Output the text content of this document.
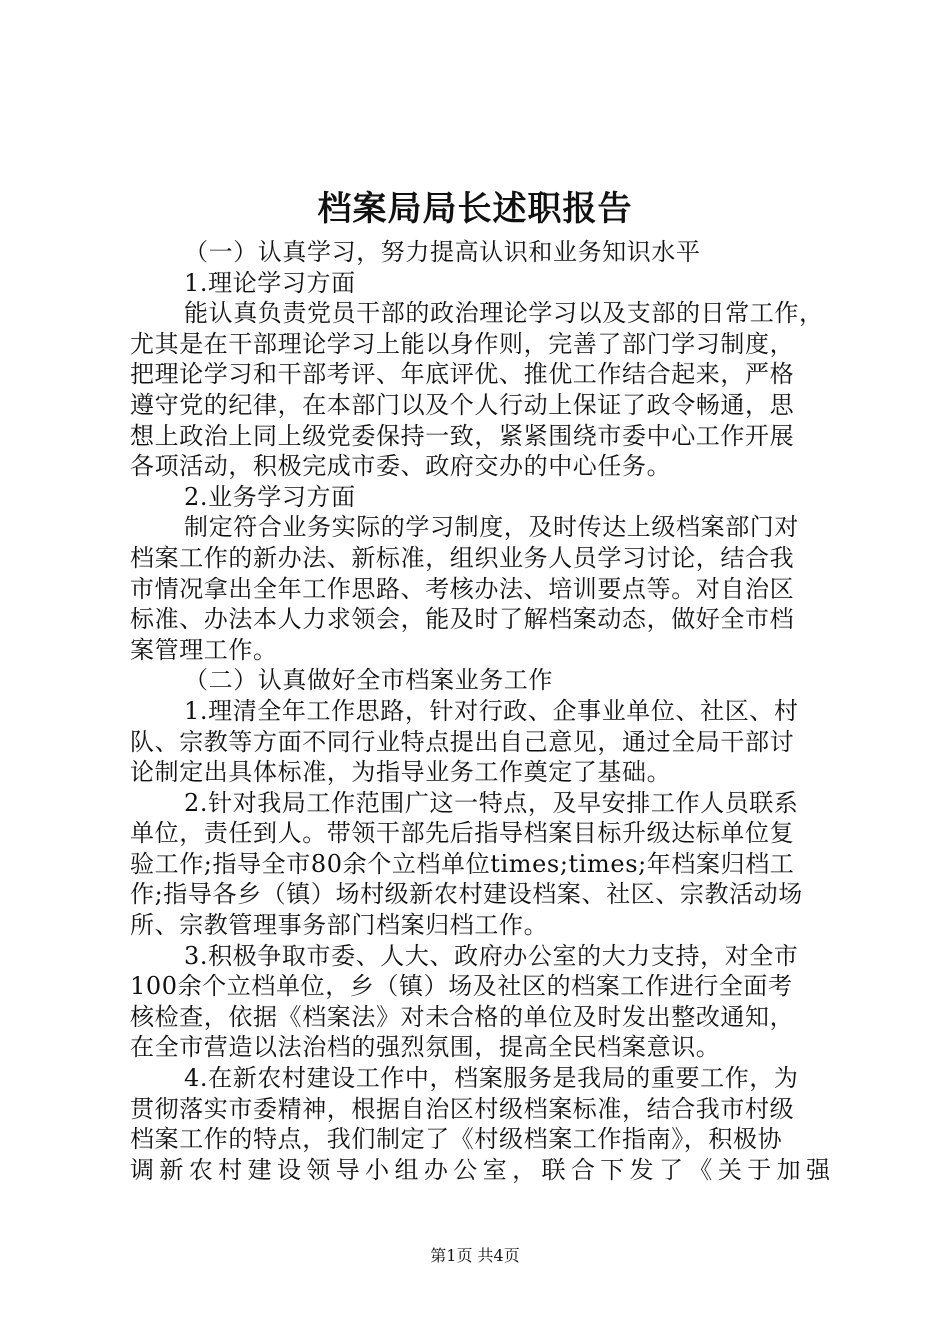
档案局局长述职报告
（一）认真学习，努力提高认识和业务知识水平
1.理论学习方面
能认真负责党员干部的政治理论学习以及支部的日常工作，
尤其是在干部理论学习上能以身作则，完善了部门学习制度，
把理论学习和干部考评、年底评优、推优工作结合起来，严格
遵守党的纪律，在本部门以及个人行动上保证了政令畅通，思
想上政治上同上级党委保持一致，紧紧围绕市委中心工作开展
各项活动，积极完成市委、政府交办的中心任务。
2.业务学习方面
制定符合业务实际的学习制度，及时传达上级档案部门对
档案工作的新办法、新标准，组织业务人员学习讨论，结合我
市情况拿出全年工作思路、考核办法、培训要点等。对自治区
标准、办法本人力求领会，能及时了解档案动态，做好全市档
案管理工作。
（二）认真做好全市档案业务工作
1.理清全年工作思路，针对行政、企事业单位、社区、村
队、宗教等方面不同行业特点提出自己意见，通过全局干部讨
论制定出具体标准，为指导业务工作奠定了基础。
2.针对我局工作范围广这一特点，及早安排工作人员联系
单位，责任到人。带领干部先后指导档案目标升级达标单位复
验工作;指导全市80余个立档单位times;times;年档案归档工
作;指导各乡（镇）场村级新农村建设档案、社区、宗教活动场
所、宗教管理事务部门档案归档工作。
3.积极争取市委、人大、政府办公室的大力支持，对全市
100余个立档单位，乡（镇）场及社区的档案工作进行全面考
核检查，依据《档案法》对未合格的单位及时发出整改通知，
在全市营造以法治档的强烈氛围，提高全民档案意识。
4.在新农村建设工作中，档案服务是我局的重要工作，为
贯彻落实市委精神，根据自治区村级档案标准，结合我市村级
档案工作的特点，我们制定了《村级档案工作指南》，积极协
调新农村建设领导小组办公室，联合下发了《关于加强
第1页 共4页
